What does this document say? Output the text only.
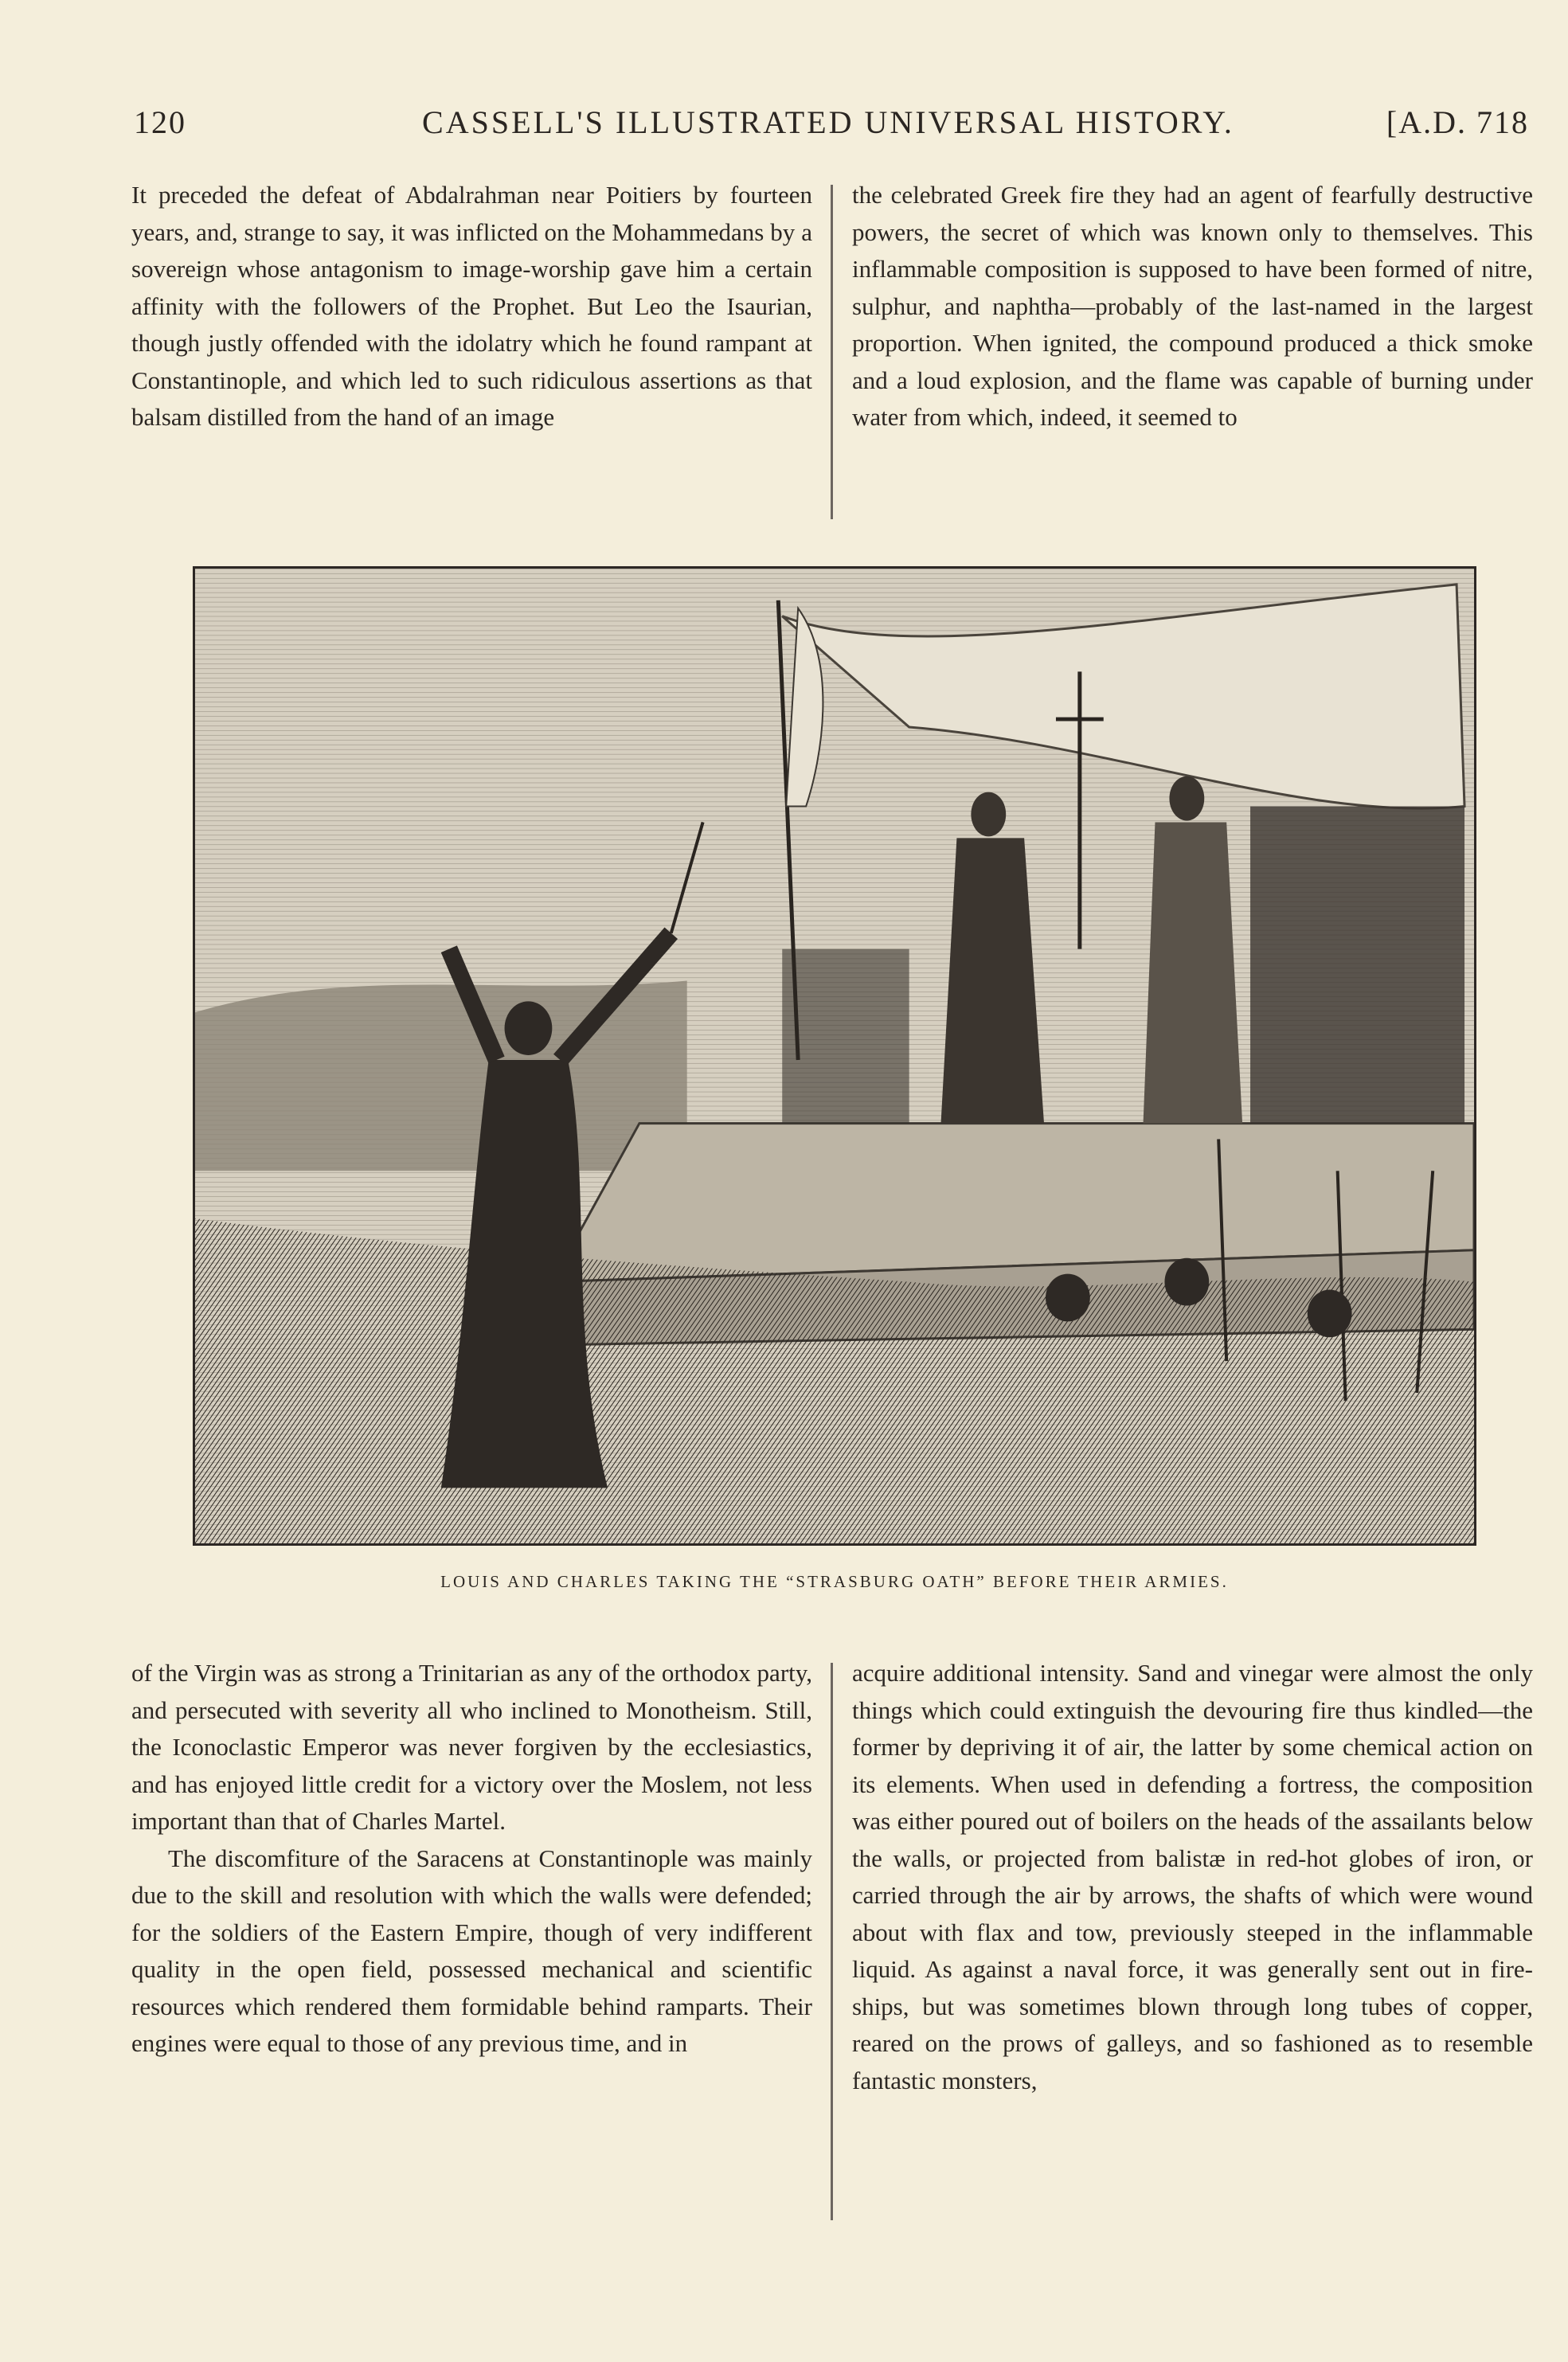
120	CASSELL'S ILLUSTRATED UNIVERSAL HISTORY.	[A.D. 718

It preceded the defeat of Abdalrahman near Poitiers by fourteen years, and, strange to say, it was inflicted on the Mohammedans by a sovereign whose antagonism to image-worship gave him a certain affinity with the followers of the Prophet. But Leo the Isaurian, though justly offended with the idolatry which he found rampant at Constantinople, and which led to such ridiculous assertions as that balsam distilled from the hand of an image

the celebrated Greek fire they had an agent of fearfully destructive powers, the secret of which was known only to themselves. This inflammable composition is supposed to have been formed of nitre, sulphur, and naphtha—probably of the last-named in the largest proportion. When ignited, the compound produced a thick smoke and a loud explosion, and the flame was capable of burning under water from which, indeed, it seemed to

LOUIS AND CHARLES TAKING THE “STRASBURG OATH” BEFORE THEIR ARMIES.

of the Virgin was as strong a Trinitarian as any of the orthodox party, and persecuted with severity all who inclined to Monotheism. Still, the Iconoclastic Emperor was never forgiven by the ecclesiastics, and has enjoyed little credit for a victory over the Moslem, not less important than that of Charles Martel.

The discomfiture of the Saracens at Constantinople was mainly due to the skill and resolution with which the walls were defended; for the soldiers of the Eastern Empire, though of very indifferent quality in the open field, possessed mechanical and scientific resources which rendered them formidable behind ramparts. Their engines were equal to those of any previous time, and in

acquire additional intensity. Sand and vinegar were almost the only things which could extinguish the devouring fire thus kindled—the former by depriving it of air, the latter by some chemical action on its elements. When used in defending a fortress, the composition was either poured out of boilers on the heads of the assailants below the walls, or projected from balistæ in red-hot globes of iron, or carried through the air by arrows, the shafts of which were wound about with flax and tow, previously steeped in the inflammable liquid. As against a naval force, it was generally sent out in fire-ships, but was sometimes blown through long tubes of copper, reared on the prows of galleys, and so fashioned as to resemble fantastic monsters,
